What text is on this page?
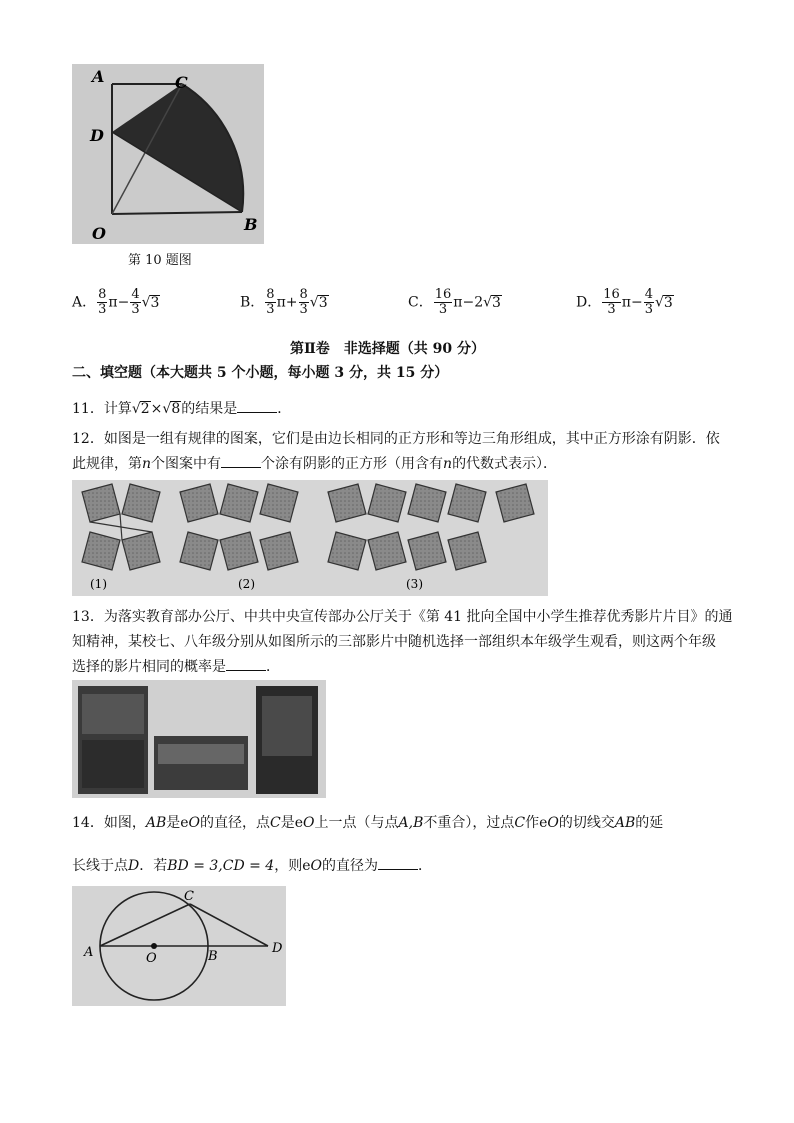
A	C
D
O	B
第 10 题图
A． $\frac{8}{3} \pi- \frac{4}{3} √3$	B． $\frac{8}{3} \pi+ \frac{8}{3} √3$	C． $\frac{16}{3} \pi-2√3$	D． $\frac{16}{3} \pi- \frac{4}{3} √3$
第Ⅱ卷　非选择题（共 90 分）
二、填空题（本大题共 5 个小题，每小题 3 分，共 15 分）
11．计算√2×√8的结果是	．
12．如图是一组有规律的图案，它们是由边长相同的正方形和等边三角形组成，其中正方形涂有阴影．依
此规律，第n个图案中有	个涂有阴影的正方形（用含有n的代数式表示）．
(1)	(2)	(3)
13．为落实教育部办公厅、中共中央宣传部办公厅关于《第 41 批向全国中小学生推荐优秀影片片目》的通
知精神，某校七、八年级分别从如图所示的三部影片中随机选择一部组织本年级学生观看，则这两个年级
选择的影片相同的概率是	．
14．如图，AB是eO的直径，点C是eO上一点（与点A,B不重合），过点C作eO的切线交AB的延
长线于点D．若BD = 3,CD = 4，则eO的直径为	．
C
A	O	B
D
